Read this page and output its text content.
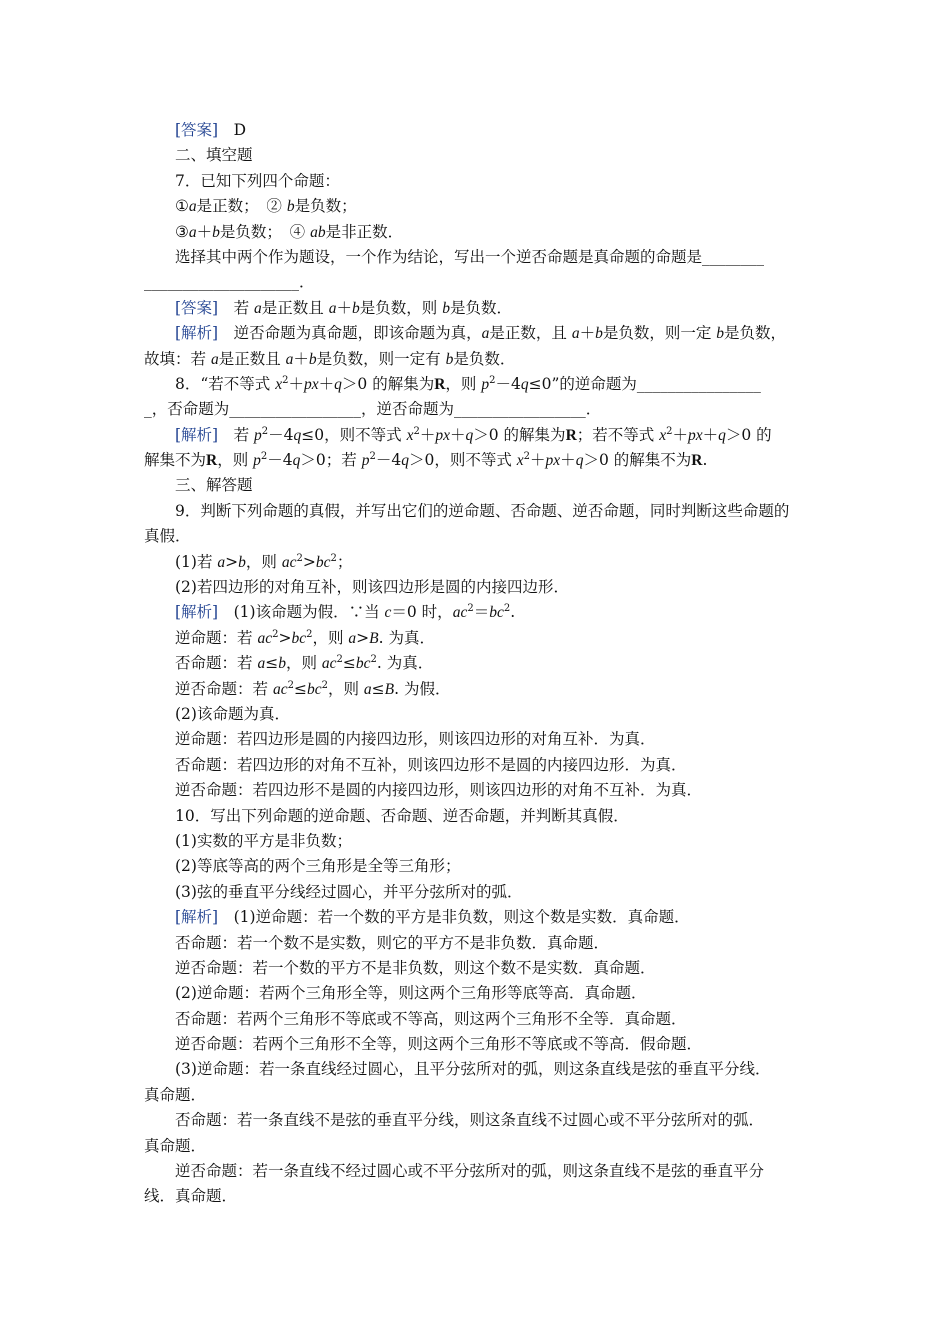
[答案]　D
二、填空题
7．已知下列四个命题：
①a是正数；　② b是负数；
③a＋b是负数；　④ ab是非正数．
选择其中两个作为题设，一个作为结论，写出一个逆否命题是真命题的命题是________
____________________．
[答案]　若 a是正数且 a＋b是负数，则 b是负数．
[解析]　逆否命题为真命题，即该命题为真，a是正数，且 a＋b是负数，则一定 b是负数，
故填：若 a是正数且 a＋b是负数，则一定有 b是负数．
8．“若不等式 $x^2+px+q>0$ 的解集为R，则 $p^2-4q\le 0$”的逆命题为________________
_，否命题为_________________，逆否命题为_________________．
[解析]　若 $p^2-4q\le 0$，则不等式 $x^2+px+q>0$ 的解集为R；若不等式 $x^2+px+q>0$ 的
解集不为R，则 $p^2-4q>0$；若 $p^2-4q>0$，则不等式 $x^2+px+q>0$ 的解集不为R.
三、解答题
9．判断下列命题的真假，并写出它们的逆命题、否命题、逆否命题，同时判断这些命题的
真假．
(1)若 a>b，则 $ac^2>bc^2$；
(2)若四边形的对角互补，则该四边形是圆的内接四边形．
[解析]　(1)该命题为假．∵当 c＝0 时，$ac^2=bc^2$.
逆命题：若 $ac^2>bc^2$，则 a>B. 为真．
否命题：若 a≤b，则 $ac^2\le bc^2$. 为真．
逆否命题：若 $ac^2\le bc^2$，则 a≤B. 为假．
(2)该命题为真．
逆命题：若四边形是圆的内接四边形，则该四边形的对角互补．为真．
否命题：若四边形的对角不互补，则该四边形不是圆的内接四边形．为真．
逆否命题：若四边形不是圆的内接四边形，则该四边形的对角不互补．为真．
10．写出下列命题的逆命题、否命题、逆否命题，并判断其真假．
(1)实数的平方是非负数；
(2)等底等高的两个三角形是全等三角形；
(3)弦的垂直平分线经过圆心，并平分弦所对的弧．
[解析]　(1)逆命题：若一个数的平方是非负数，则这个数是实数．真命题．
否命题：若一个数不是实数，则它的平方不是非负数．真命题．
逆否命题：若一个数的平方不是非负数，则这个数不是实数．真命题．
(2)逆命题：若两个三角形全等，则这两个三角形等底等高．真命题．
否命题：若两个三角形不等底或不等高，则这两个三角形不全等．真命题．
逆否命题：若两个三角形不全等，则这两个三角形不等底或不等高．假命题．
(3)逆命题：若一条直线经过圆心，且平分弦所对的弧，则这条直线是弦的垂直平分线．
真命题．
否命题：若一条直线不是弦的垂直平分线，则这条直线不过圆心或不平分弦所对的弧．
真命题．
逆否命题：若一条直线不经过圆心或不平分弦所对的弧，则这条直线不是弦的垂直平分
线．真命题．
